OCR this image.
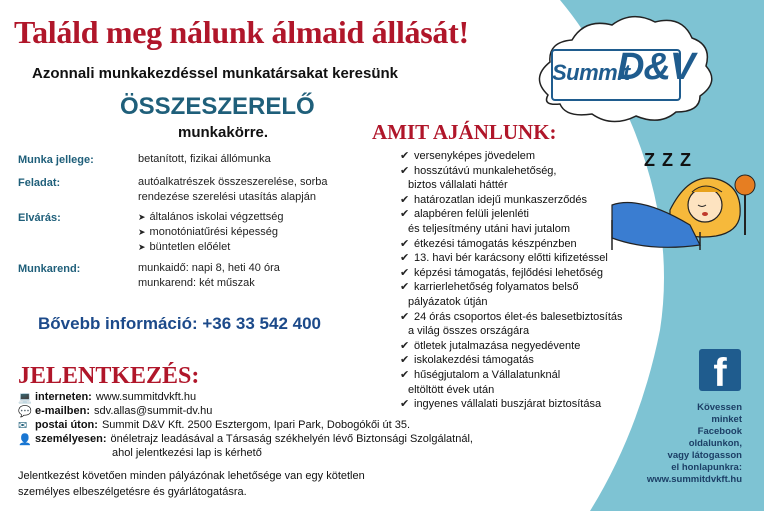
Találd meg nálunk álmaid állását!
Azonnali munkakezdéssel munkatársakat keresünk
ÖSSZESZERELŐ
munkakörre.
Munka jellege:	betanított, fizikai állómunka
Feladat:	autóalkatrészek összeszerelése, sorba
rendezése szerelési utasítás alapján
Elvárás:	➤ általános iskolai végzettség
➤ monotóniatűrési képesség
➤ büntetlen előélet
Munkarend:	munkaidő: napi 8, heti 40 óra
munkarend: két műszak
Bővebb információ: +36 33 542 400
JELENTKEZÉS:
💻 interneten: www.summitdvkft.hu
💬 e-mailben: sdv.allas@summit-dv.hu
✉ postai úton: Summit D&V Kft. 2500 Esztergom, Ipari Park, Dobogókői út 35.
👤 személyesen: önéletrajz leadásával a Társaság székhelyén lévő Biztonsági Szolgálatnál,
ahol jelentkezési lap is kérhető
Jelentkezést követően minden pályázónak lehetősége van egy kötetlen
személyes elbeszélgetésre és gyárlátogatásra.
AMIT AJÁNLUNK:
✔ versenyképes jövedelem
✔ hosszútávú munkalehetőség,
biztos vállalati háttér
✔ határozatlan idejű munkaszerződés
✔ alapbéren felüli jelenléti
és teljesítmény utáni havi jutalom
✔ étkezési támogatás készpénzben
✔ 13. havi bér karácsony előtti kifizetéssel
✔ képzési támogatás, fejlődési lehetőség
✔ karrierlehetőség folyamatos belső
pályázatok útján
✔ 24 órás csoportos élet-és balesetbiztosítás
a világ összes országára
✔ ötletek jutalmazása negyedévente
✔ iskolakezdési támogatás
✔ hűségjutalom a Vállalatunknál
eltöltött évek után
✔ ingyenes vállalati buszjárat biztosítása
Summit
D&V
Z Z Z
f
Kövessen
minket
Facebook
oldalunkon,
vagy látogasson
el honlapunkra:
www.summitdvkft.hu
